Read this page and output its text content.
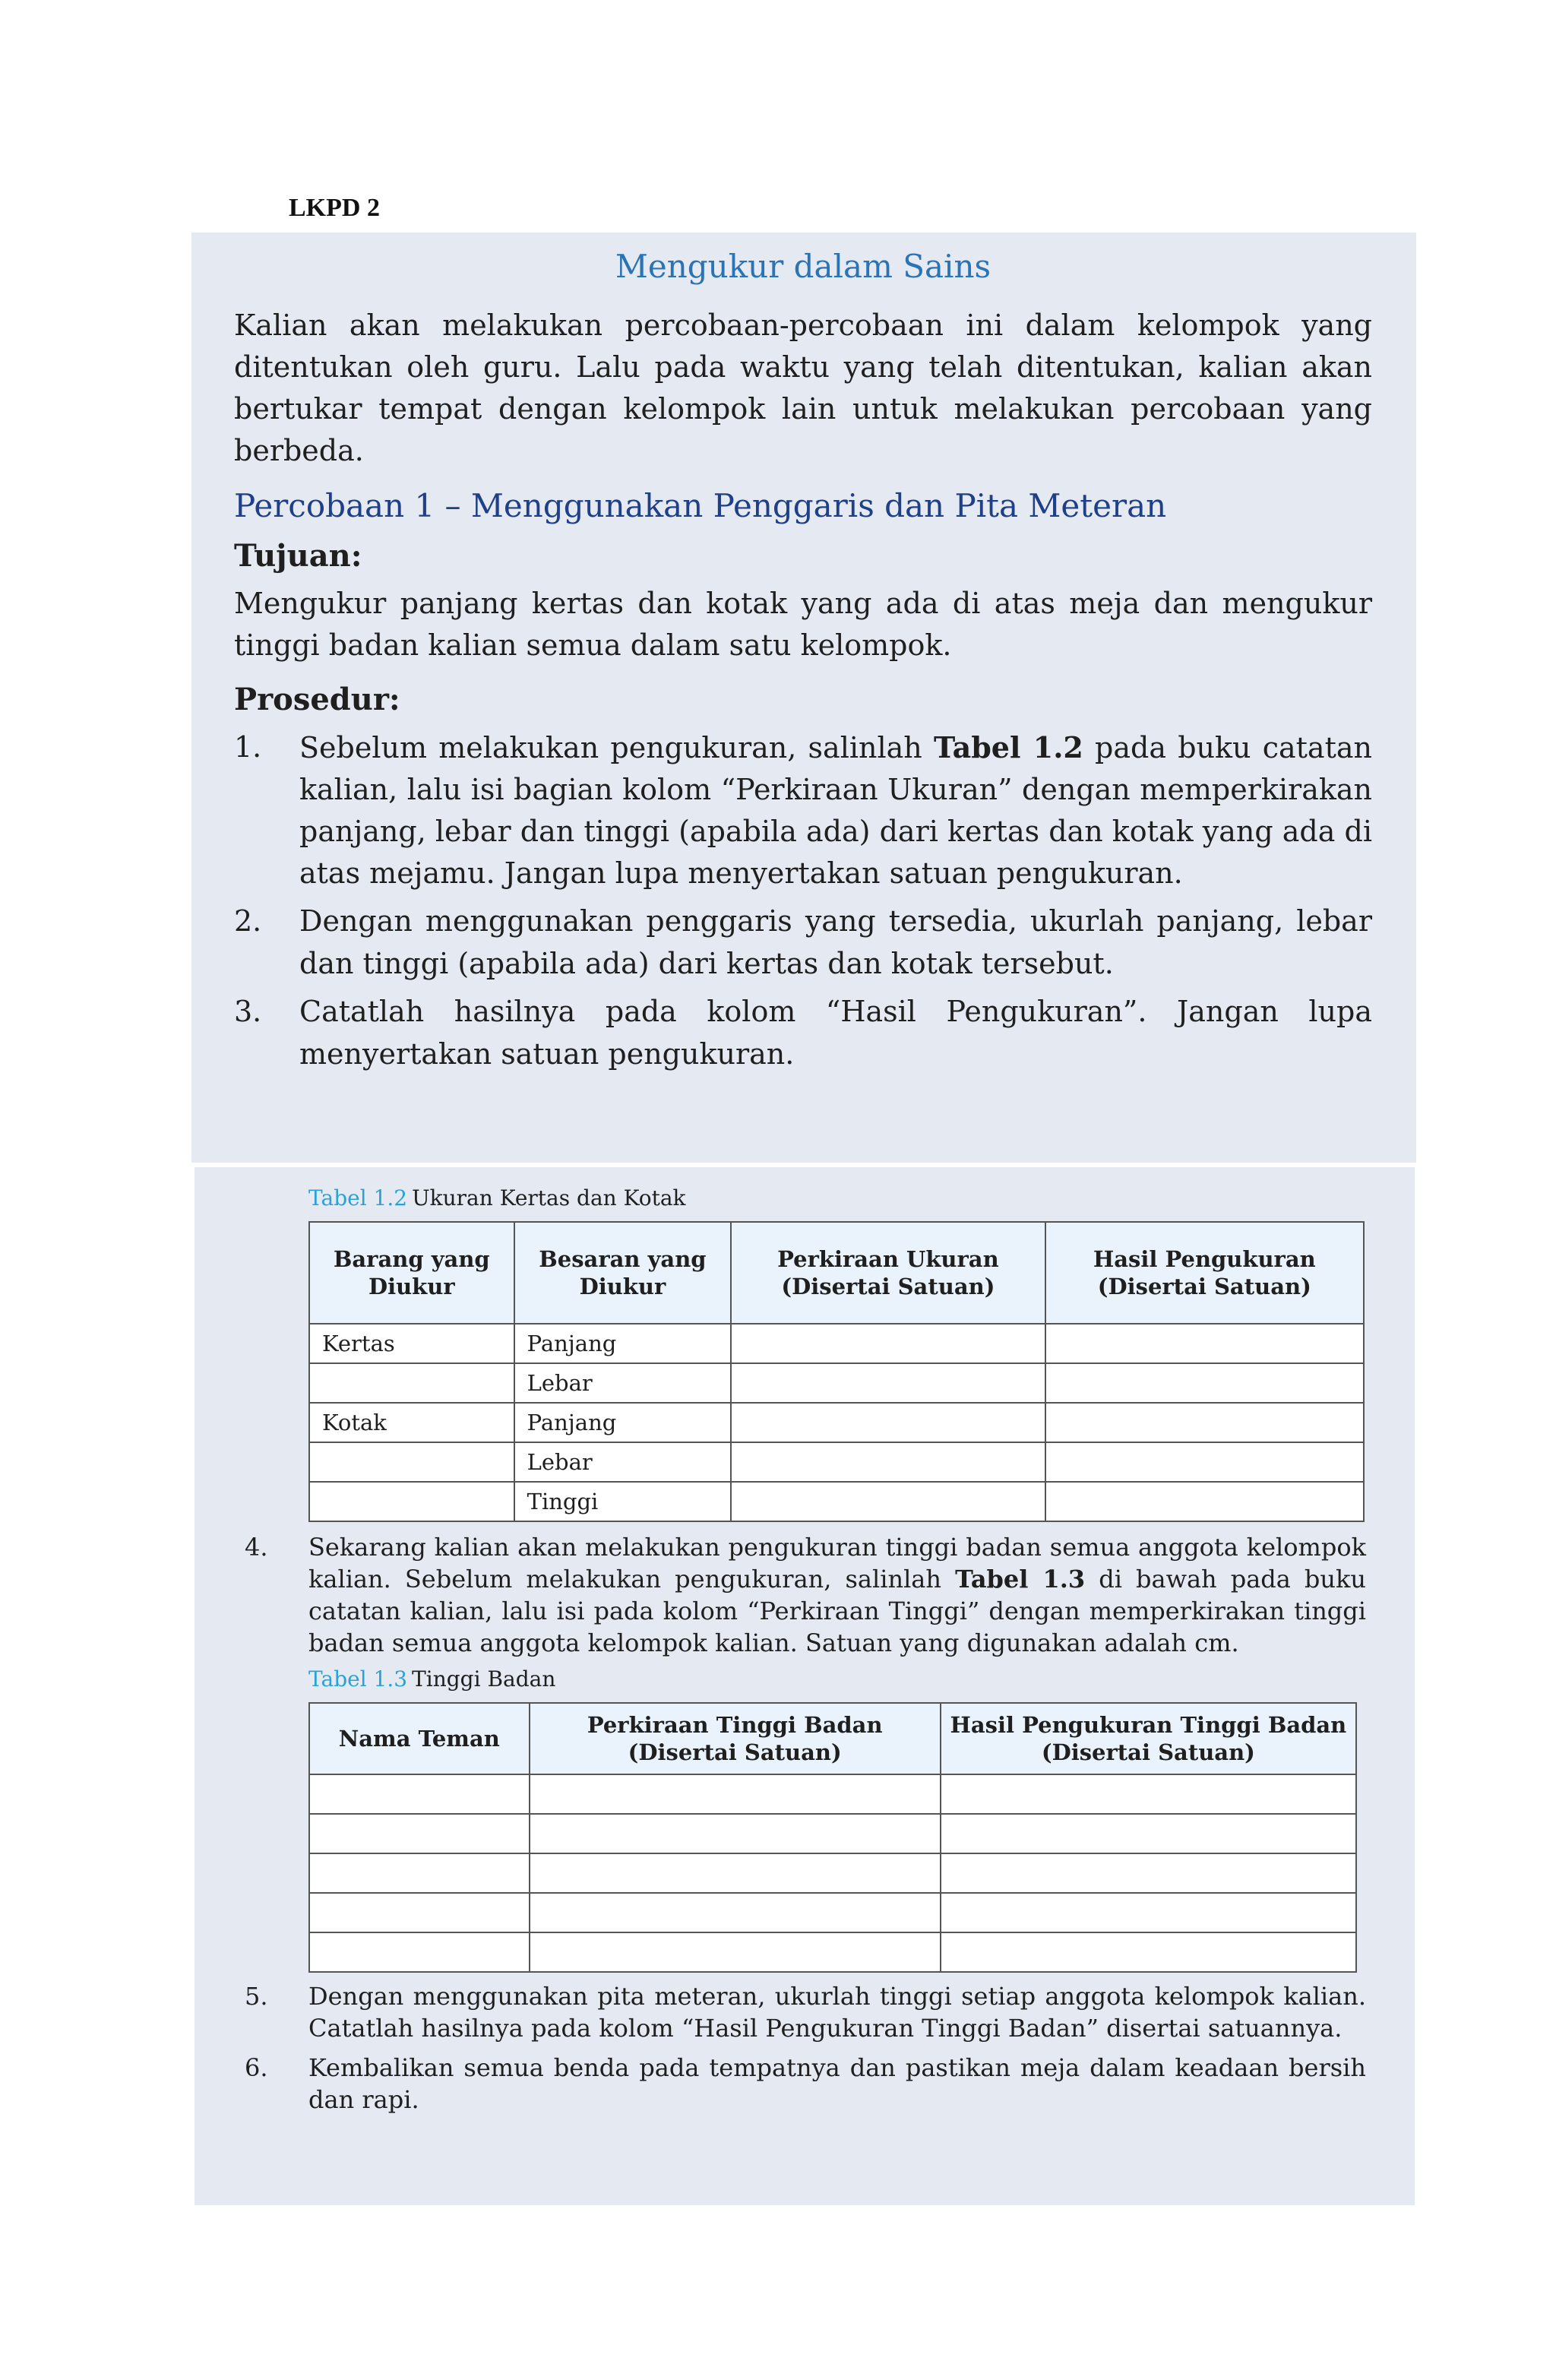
LKPD 2
Mengukur dalam Sains

Kalian akan melakukan percobaan-percobaan ini dalam kelompok yang ditentukan oleh guru. Lalu pada waktu yang telah ditentukan, kalian akan bertukar tempat dengan kelompok lain untuk melakukan percobaan yang berbeda.

Percobaan 1 – Menggunakan Penggaris dan Pita Meteran
Tujuan:

Mengukur panjang kertas dan kotak yang ada di atas meja dan mengukur tinggi badan kalian semua dalam satu kelompok.

Prosedur:
1.	Sebelum melakukan pengukuran, salinlah Tabel 1.2 pada buku catatan kalian, lalu isi bagian kolom “Perkiraan Ukuran” dengan memperkirakan panjang, lebar dan tinggi (apabila ada) dari kertas dan kotak yang ada di atas mejamu. Jangan lupa menyertakan satuan pengukuran.
2.	Dengan menggunakan penggaris yang tersedia, ukurlah panjang, lebar dan tinggi (apabila ada) dari kertas dan kotak tersebut.
3.	Catatlah hasilnya pada kolom “Hasil Pengukuran”. Jangan lupa menyertakan satuan pengukuran.
Tabel 1.2 Ukuran Kertas dan Kotak
Barang yang Diukur	Besaran yang Diukur	Perkiraan Ukuran (Disertai Satuan)	Hasil Pengukuran (Disertai Satuan)
Kertas	Panjang		
	Lebar		
Kotak	Panjang		
	Lebar		
	Tinggi		
4.	Sekarang kalian akan melakukan pengukuran tinggi badan semua anggota kelompok kalian. Sebelum melakukan pengukuran, salinlah Tabel 1.3 di bawah pada buku catatan kalian, lalu isi pada kolom “Perkiraan Tinggi” dengan memperkirakan tinggi badan semua anggota kelompok kalian. Satuan yang digunakan adalah cm.
Tabel 1.3 Tinggi Badan
Nama Teman	Perkiraan Tinggi Badan (Disertai Satuan)	Hasil Pengukuran Tinggi Badan (Disertai Satuan)

5.	Dengan menggunakan pita meteran, ukurlah tinggi setiap anggota kelompok kalian. Catatlah hasilnya pada kolom “Hasil Pengukuran Tinggi Badan” disertai satuannya.
6.	Kembalikan semua benda pada tempatnya dan pastikan meja dalam keadaan bersih dan rapi.
